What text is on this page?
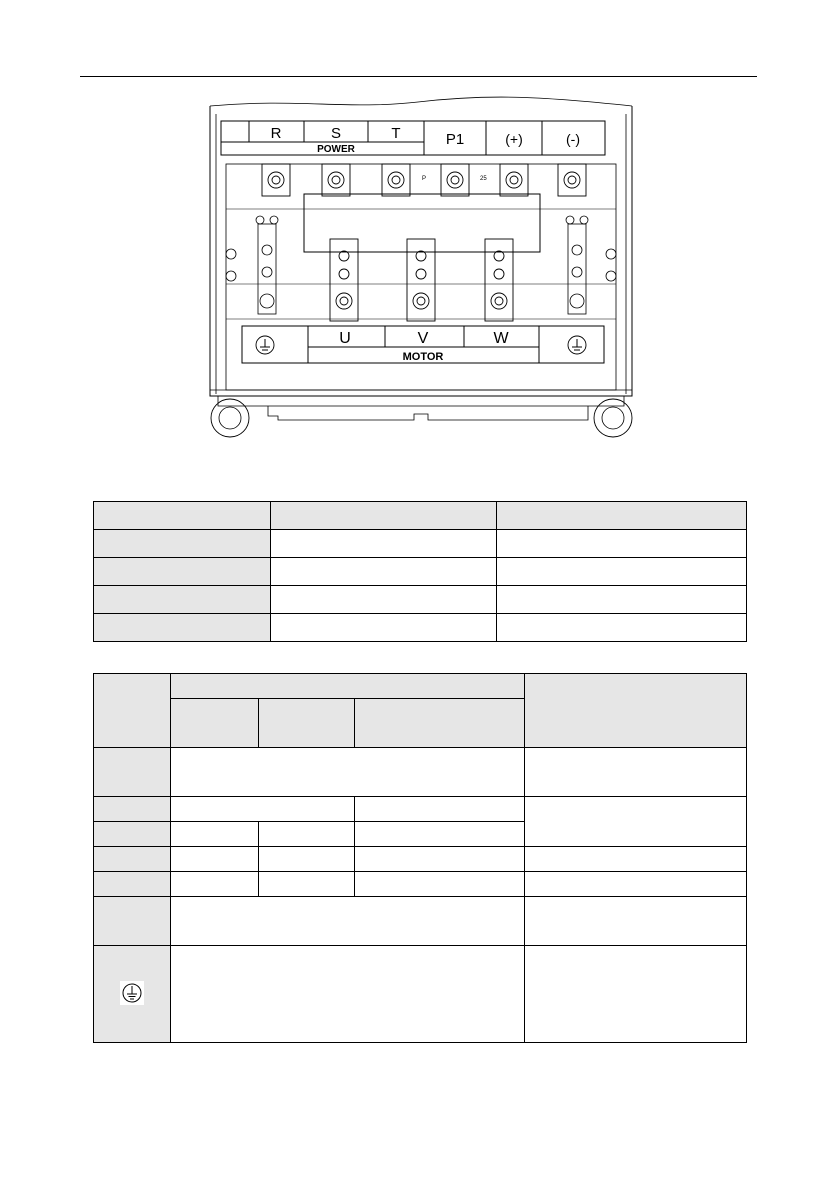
R	S	T	P1	(+)	(-)
POWER
P	25
U	V	W
MOTOR
